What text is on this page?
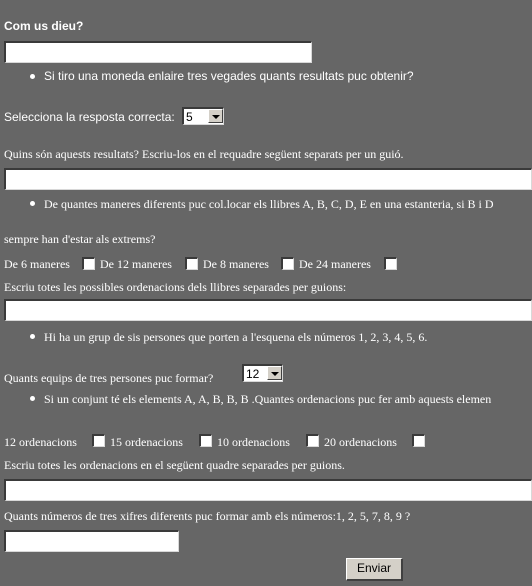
Com us dieu?
Si tiro una moneda enlaire tres vegades quants resultats puc obtenir?
Selecciona la resposta correcta: 5
Quins són aquests resultats? Escriu-los en el requadre següent separats per un guió.
De quantes maneres diferents puc col.locar els llibres A, B, C, D, E en una estanteria, si B i D
sempre han d'estar als extrems?
De 6 maneres	De 12 maneres	De 8 maneres	De 24 maneres
Escriu totes les possibles ordenacions dels llibres separades per guions:
Hi ha un grup de sis persones que porten a l'esquena els números 1, 2, 3, 4, 5, 6.
Quants equips de tres persones puc formar?	12
Si un conjunt té els elements A, A, B, B, B .Quantes ordenacions puc fer amb aquests elemen
12 ordenacions	15 ordenacions	10 ordenacions	20 ordenacions
Escriu totes les ordenacions en el següent quadre separades per guions.
Quants números de tres xifres diferents puc formar amb els números:1, 2, 5, 7, 8, 9 ?
Enviar
